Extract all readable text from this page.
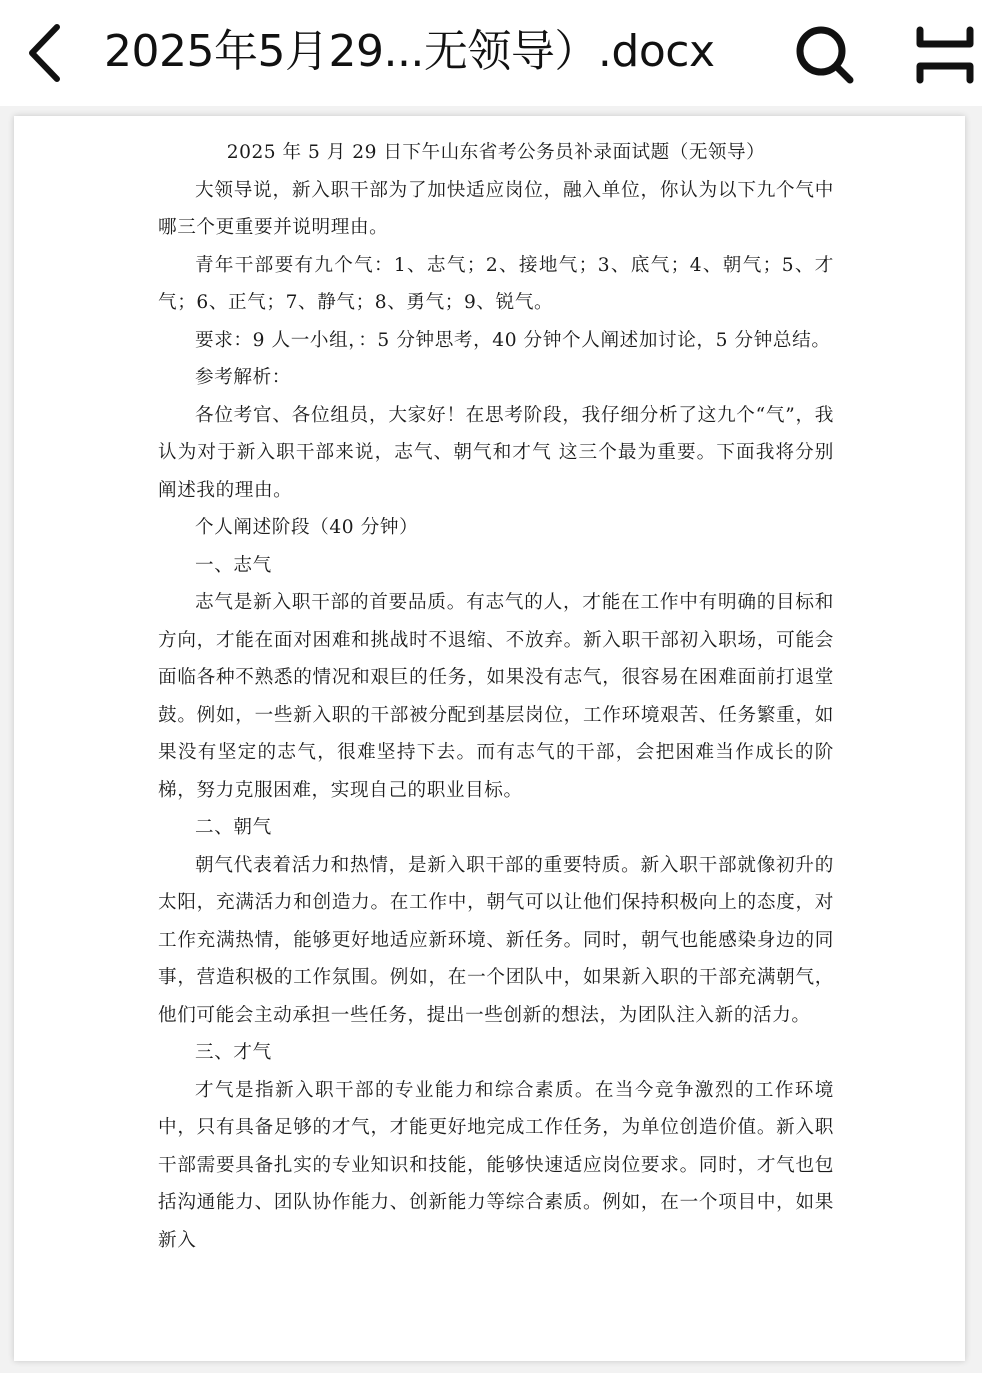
2025年5月29...无领导）.docx

2025 年 5 月 29 日下午山东省考公务员补录面试题（无领导）

大领导说，新入职干部为了加快适应岗位，融入单位，你认为以下九个气中哪三个更重要并说明理由。

青年干部要有九个气：1、志气；2、接地气；3、底气；4、朝气；5、才气；6、正气；7、静气；8、勇气；9、锐气。

要求：9 人一小组，：5 分钟思考，40 分钟个人阐述加讨论，5 分钟总结。

参考解析：

各位考官、各位组员，大家好！在思考阶段，我仔细分析了这九个“气”，我认为对于新入职干部来说，志气、朝气和才气 这三个最为重要。下面我将分别阐述我的理由。

个人阐述阶段（40 分钟）

一、志气

志气是新入职干部的首要品质。有志气的人，才能在工作中有明确的目标和方向，才能在面对困难和挑战时不退缩、不放弃。新入职干部初入职场，可能会面临各种不熟悉的情况和艰巨的任务，如果没有志气，很容易在困难面前打退堂鼓。例如，一些新入职的干部被分配到基层岗位，工作环境艰苦、任务繁重，如果没有坚定的志气，很难坚持下去。而有志气的干部，会把困难当作成长的阶梯，努力克服困难，实现自己的职业目标。

二、朝气

朝气代表着活力和热情，是新入职干部的重要特质。新入职干部就像初升的太阳，充满活力和创造力。在工作中，朝气可以让他们保持积极向上的态度，对工作充满热情，能够更好地适应新环境、新任务。同时，朝气也能感染身边的同事，营造积极的工作氛围。例如，在一个团队中，如果新入职的干部充满朝气，他们可能会主动承担一些任务，提出一些创新的想法，为团队注入新的活力。

三、才气

才气是指新入职干部的专业能力和综合素质。在当今竞争激烈的工作环境中，只有具备足够的才气，才能更好地完成工作任务，为单位创造价值。新入职干部需要具备扎实的专业知识和技能，能够快速适应岗位要求。同时，才气也包括沟通能力、团队协作能力、创新能力等综合素质。例如，在一个项目中，如果新入
